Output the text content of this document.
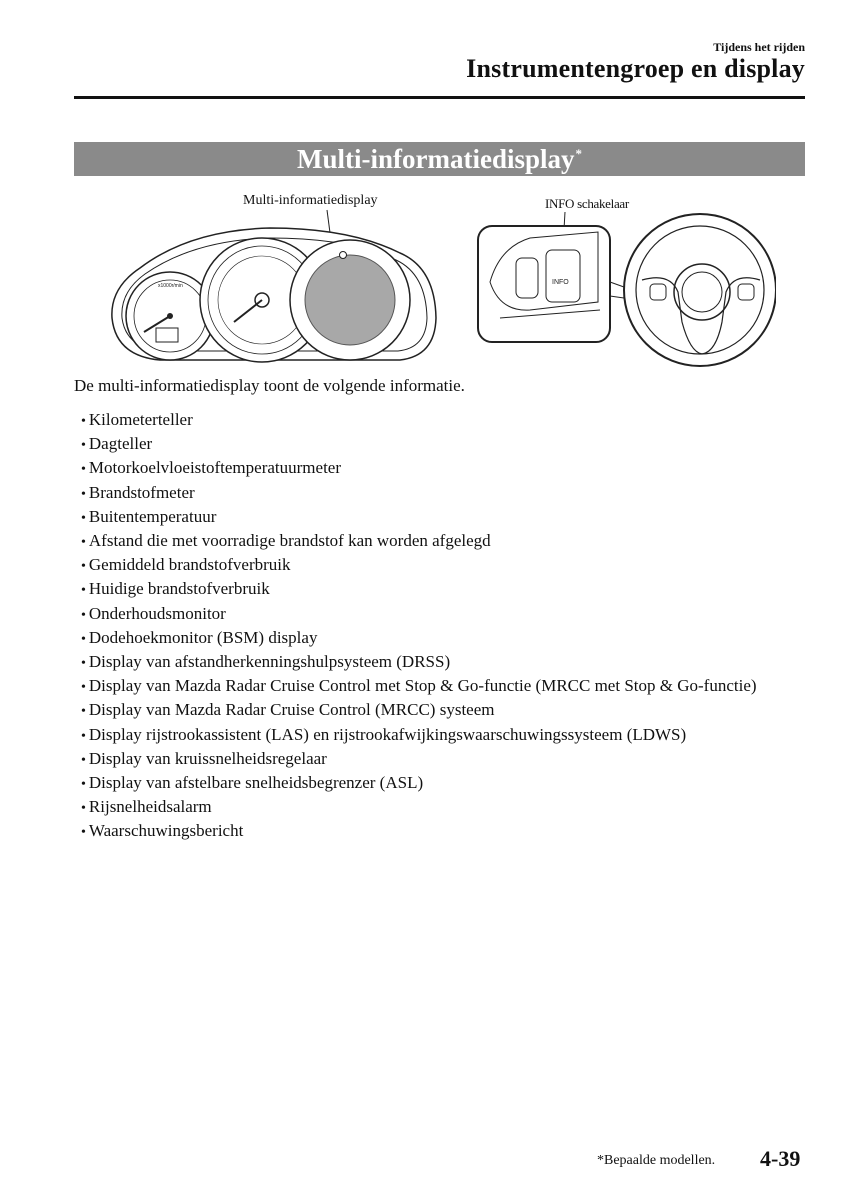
Tijdens het rijden
Instrumentengroep en display
Multi-informatiedisplay*
Multi-informatiedisplay
x1000r/min
INFO schakelaar
INFO
De multi-informatiedisplay toont de volgende informatie.
• Kilometerteller
• Dagteller
• Motorkoelvloeistoftemperatuurmeter
• Brandstofmeter
• Buitentemperatuur
• Afstand die met voorradige brandstof kan worden afgelegd
• Gemiddeld brandstofverbruik
• Huidige brandstofverbruik
• Onderhoudsmonitor
• Dodehoekmonitor (BSM) display
• Display van afstandherkenningshulpsysteem (DRSS)
• Display van Mazda Radar Cruise Control met Stop & Go-functie (MRCC met Stop & Go-functie)
• Display van Mazda Radar Cruise Control (MRCC) systeem
• Display rijstrookassistent (LAS) en rijstrookafwijkingswaarschuwingssysteem (LDWS)
• Display van kruissnelheidsregelaar
• Display van afstelbare snelheidsbegrenzer (ASL)
• Rijsnelheidsalarm
• Waarschuwingsbericht
*Bepaalde modellen. 4-39
